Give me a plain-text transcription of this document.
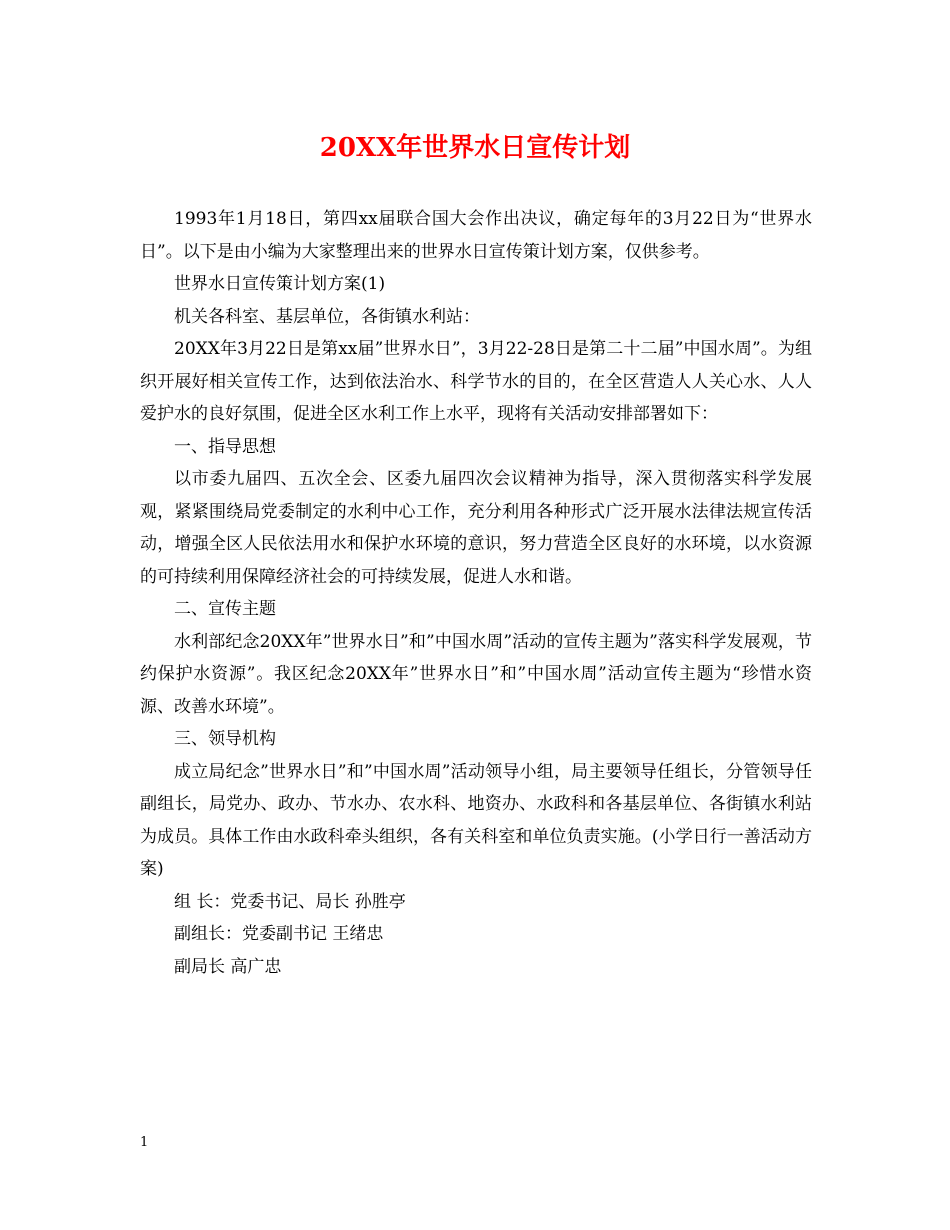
20XX年世界水日宣传计划

1993年1月18日，第四xx届联合国大会作出决议，确定每年的3月22日为“世界水日”。以下是由小编为大家整理出来的世界水日宣传策计划方案，仅供参考。

世界水日宣传策计划方案(1)

机关各科室、基层单位，各街镇水利站：

20XX年3月22日是第xx届”世界水日”，3月22-28日是第二十二届”中国水周”。为组织开展好相关宣传工作，达到依法治水、科学节水的目的，在全区营造人人关心水、人人爱护水的良好氛围，促进全区水利工作上水平，现将有关活动安排部署如下：

一、指导思想

以市委九届四、五次全会、区委九届四次会议精神为指导，深入贯彻落实科学发展观，紧紧围绕局党委制定的水利中心工作，充分利用各种形式广泛开展水法律法规宣传活动，增强全区人民依法用水和保护水环境的意识，努力营造全区良好的水环境，以水资源的可持续利用保障经济社会的可持续发展，促进人水和谐。

二、宣传主题

水利部纪念20XX年”世界水日”和”中国水周”活动的宣传主题为”落实科学发展观，节约保护水资源”。我区纪念20XX年”世界水日”和”中国水周”活动宣传主题为“珍惜水资源、改善水环境”。

三、领导机构

成立局纪念”世界水日”和”中国水周”活动领导小组，局主要领导任组长，分管领导任副组长，局党办、政办、节水办、农水科、地资办、水政科和各基层单位、各街镇水利站为成员。具体工作由水政科牵头组织，各有关科室和单位负责实施。(小学日行一善活动方案)

组 长：党委书记、局长 孙胜亭

副组长：党委副书记 王绪忠

副局长 高广忠

1
